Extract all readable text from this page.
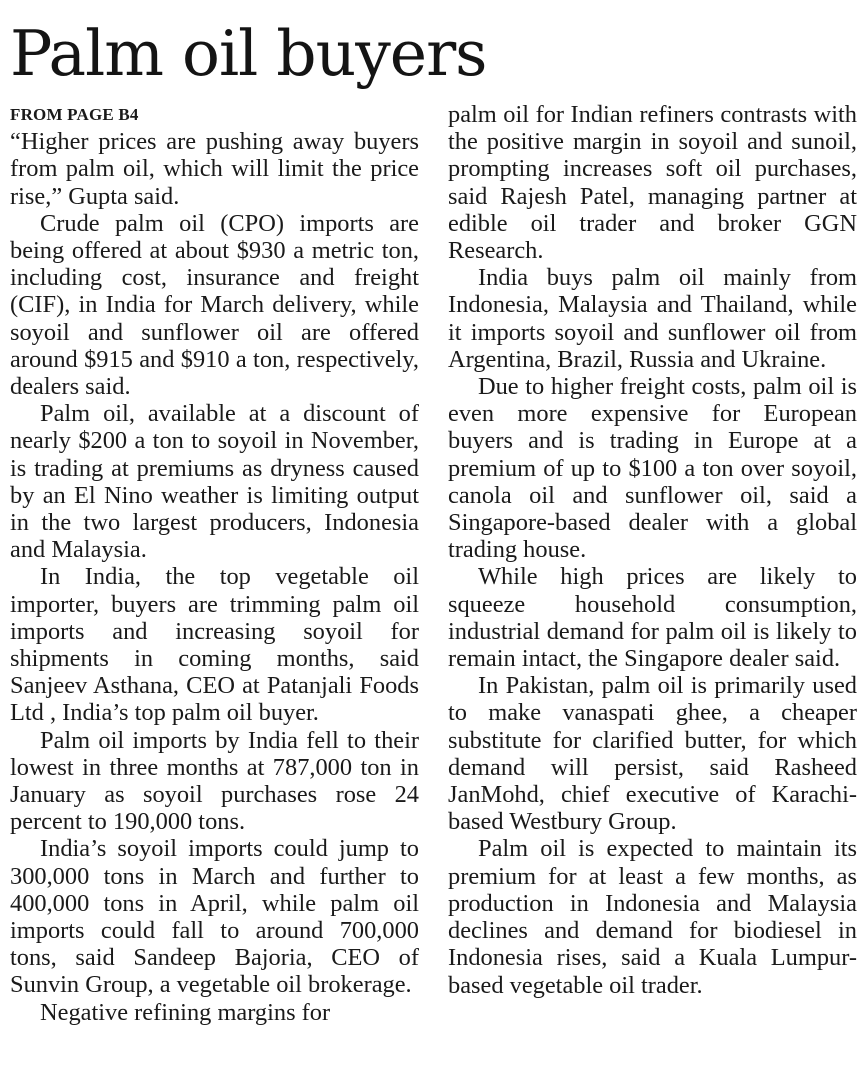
Palm oil buyers
FROM PAGE B4

“Higher prices are pushing away buyers from palm oil, which will limit the price rise,” Gupta said.

Crude palm oil (CPO) imports are being offered at about $930 a metric ton, including cost, insurance and freight (CIF), in India for March delivery, while soyoil and sunflower oil are offered around $915 and $910 a ton, respectively, dealers said.

Palm oil, available at a discount of nearly $200 a ton to soyoil in November, is trading at premiums as dryness caused by an El Nino weather is limiting output in the two largest producers, Indonesia and Malaysia.

In India, the top vegetable oil importer, buyers are trimming palm oil imports and increasing soyoil for shipments in coming months, said Sanjeev Asthana, CEO at Patanjali Foods Ltd , India’s top palm oil buyer.

Palm oil imports by India fell to their lowest in three months at 787,000 ton in January as soyoil purchases rose 24 percent to 190,000 tons.

India’s soyoil imports could jump to 300,000 tons in March and further to 400,000 tons in April, while palm oil imports could fall to around 700,000 tons, said Sandeep Bajoria, CEO of Sunvin Group, a vegetable oil brokerage.

Negative refining margins for

palm oil for Indian refiners contrasts with the positive margin in soyoil and sunoil, prompting increases soft oil purchases, said Rajesh Patel, managing partner at edible oil trader and broker GGN Research.

India buys palm oil mainly from Indonesia, Malaysia and Thailand, while it imports soyoil and sunflower oil from Argentina, Brazil, Russia and Ukraine.

Due to higher freight costs, palm oil is even more expensive for European buyers and is trading in Europe at a premium of up to $100 a ton over soyoil, canola oil and sunflower oil, said a Singapore-based dealer with a global trading house.

While high prices are likely to squeeze household consumption, industrial demand for palm oil is likely to remain intact, the Singapore dealer said.

In Pakistan, palm oil is primarily used to make vanaspati ghee, a cheaper substitute for clarified butter, for which demand will persist, said Rasheed JanMohd, chief executive of Karachi-based Westbury Group.

Palm oil is expected to maintain its premium for at least a few months, as production in Indonesia and Malaysia declines and demand for biodiesel in Indonesia rises, said a Kuala Lumpur-based vegetable oil trader.
